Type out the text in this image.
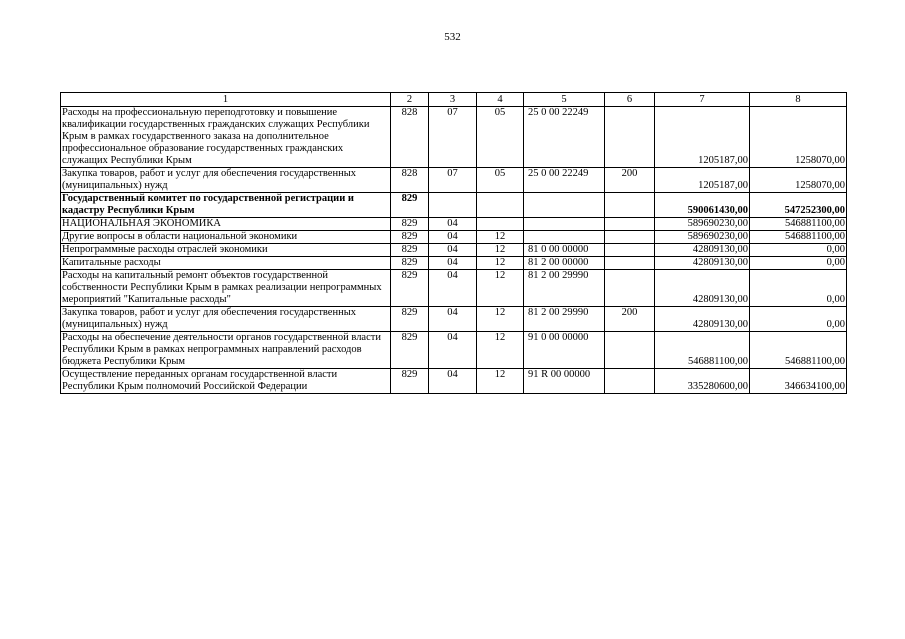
532
1	2	3	4	5	6	7	8
Расходы на профессиональную переподготовку и повышение квалификации государственных гражданских служащих Республики Крым в рамках государственного заказа на дополнительное профессиональное образование государственных гражданских служащих Республики Крым	828	07	05	25 0 00 22249		1205187,00	1258070,00
Закупка товаров, работ и услуг для обеспечения государственных (муниципальных) нужд	828	07	05	25 0 00 22249	200	1205187,00	1258070,00
Государственный комитет по государственной регистрации и кадастру Республики Крым	829					590061430,00	547252300,00
НАЦИОНАЛЬНАЯ ЭКОНОМИКА	829	04				589690230,00	546881100,00
Другие вопросы в области национальной экономики	829	04	12			589690230,00	546881100,00
Непрограммные расходы отраслей экономики	829	04	12	81 0 00 00000		42809130,00	0,00
Капитальные расходы	829	04	12	81 2 00 00000		42809130,00	0,00
Расходы на капитальный ремонт объектов государственной собственности Республики Крым в рамках реализации непрограммных мероприятий "Капитальные расходы"	829	04	12	81 2 00 29990		42809130,00	0,00
Закупка товаров, работ и услуг для обеспечения государственных (муниципальных) нужд	829	04	12	81 2 00 29990	200	42809130,00	0,00
Расходы на обеспечение деятельности органов государственной власти Республики Крым в рамках непрограммных направлений расходов бюджета Республики Крым	829	04	12	91 0 00 00000		546881100,00	546881100,00
Осуществление переданных органам государственной власти Республики Крым полномочий Российской Федерации	829	04	12	91 R 00 00000		335280600,00	346634100,00
